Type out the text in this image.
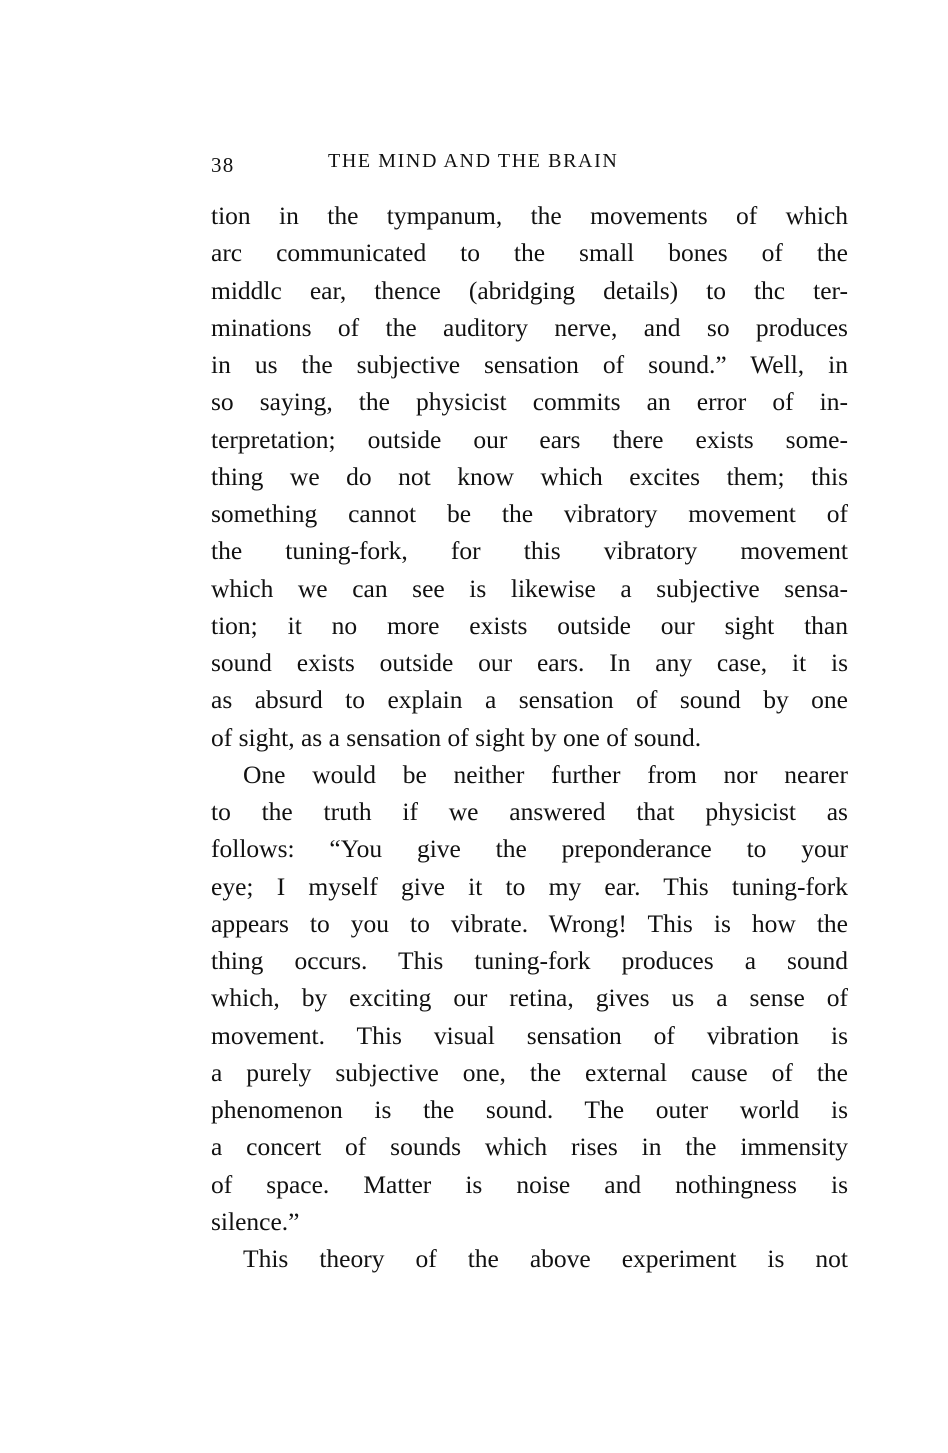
38	THE MIND AND THE BRAIN
tion in the tympanum, the movements of which
arc communicated to the small bones of the
middlc ear, thence (abridging details) to thc ter-
minations of the auditory nerve, and so produces
in us the subjective sensation of sound.” Well, in
so saying, the physicist commits an error of in-
terpretation; outside our ears there exists some-
thing we do not know which excites them; this
something cannot be the vibratory movement of
the tuning-fork, for this vibratory movement
which we can see is likewise a subjective sensa-
tion; it no more exists outside our sight than
sound exists outside our ears. In any case, it is
as absurd to explain a sensation of sound by one
of sight, as a sensation of sight by one of sound.
One would be neither further from nor nearer
to the truth if we answered that physicist as
follows: “You give the preponderance to your
eye; I myself give it to my ear. This tuning-fork
appears to you to vibrate. Wrong! This is how the
thing occurs. This tuning-fork produces a sound
which, by exciting our retina, gives us a sense of
movement. This visual sensation of vibration is
a purely subjective one, the external cause of the
phenomenon is the sound. The outer world is
a concert of sounds which rises in the immensity
of space. Matter is noise and nothingness is
silence.”
This theory of the above experiment is not
